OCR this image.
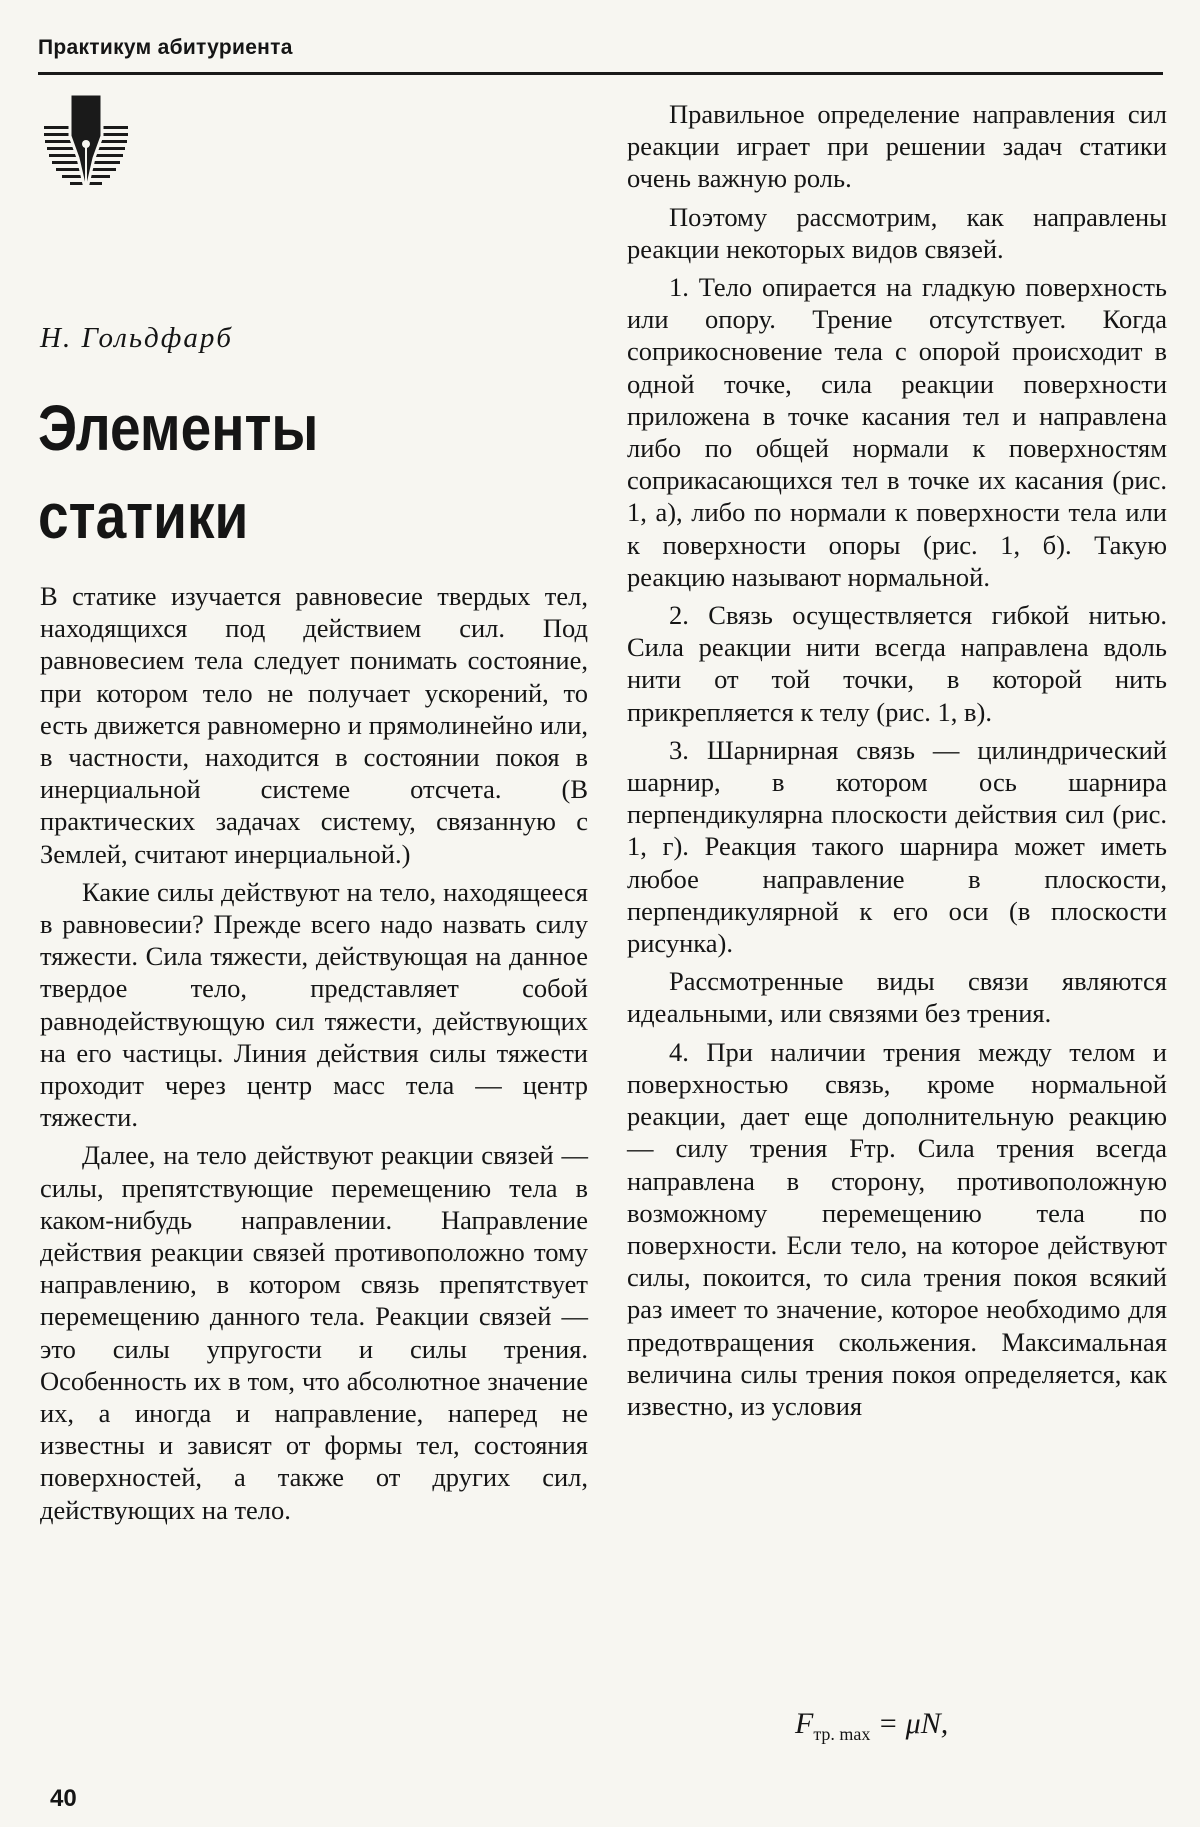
Практикум абитуриента
Н. Гольдфарб
Элементы
статики

В статике изучается равновесие твердых тел, находящихся под действием сил. Под равновесием тела следует понимать состояние, при котором тело не получает ускорений, то есть движется равномерно и прямолинейно или, в частности, находится в состоянии покоя в инерциальной системе отсчета. (В практических задачах систему, связанную с Землей, считают инерциальной.)

Какие силы действуют на тело, находящееся в равновесии? Прежде всего надо назвать силу тяжести. Сила тяжести, действующая на данное твердое тело, представляет собой равнодействующую сил тяжести, действующих на его частицы. Линия действия силы тяжести проходит через центр масс тела — центр тяжести.

Далее, на тело действуют реакции связей — силы, препятствующие перемещению тела в каком-нибудь направлении. Направление действия реакции связей противоположно тому направлению, в котором связь препятствует перемещению данного тела. Реакции связей — это силы упругости и силы трения. Особенность их в том, что абсолютное значение их, а иногда и направление, наперед не известны и зависят от формы тел, состояния поверхностей, а также от других сил, действующих на тело.

Правильное определение направления сил реакции играет при решении задач статики очень важную роль.

Поэтому рассмотрим, как направлены реакции некоторых видов связей.

1. Тело опирается на гладкую поверхность или опору. Трение отсутствует. Когда соприкосновение тела с опорой происходит в одной точке, сила реакции поверхности приложена в точке касания тел и направлена либо по общей нормали к поверхностям соприкасающихся тел в точке их касания (рис. 1, а), либо по нормали к поверхности тела или к поверхности опоры (рис. 1, б). Такую реакцию называют нормальной.

2. Связь осуществляется гибкой нитью. Сила реакции нити всегда направлена вдоль нити от той точки, в которой нить прикрепляется к телу (рис. 1, в).

3. Шарнирная связь — цилиндрический шарнир, в котором ось шарнира перпендикулярна плоскости действия сил (рис. 1, г). Реакция такого шарнира может иметь любое направление в плоскости, перпендикулярной к его оси (в плоскости рисунка).

Рассмотренные виды связи являются идеальными, или связями без трения.

4. При наличии трения между телом и поверхностью связь, кроме нормальной реакции, дает еще дополнительную реакцию — силу трения Fтр. Сила трения всегда направлена в сторону, противоположную возможному перемещению тела по поверхности. Если тело, на которое действуют силы, покоится, то сила трения покоя всякий раз имеет то значение, которое необходимо для предотвращения скольжения. Максимальная величина силы трения покоя определяется, как известно, из условия

$F_{тр. max} = \mu N$,
40
